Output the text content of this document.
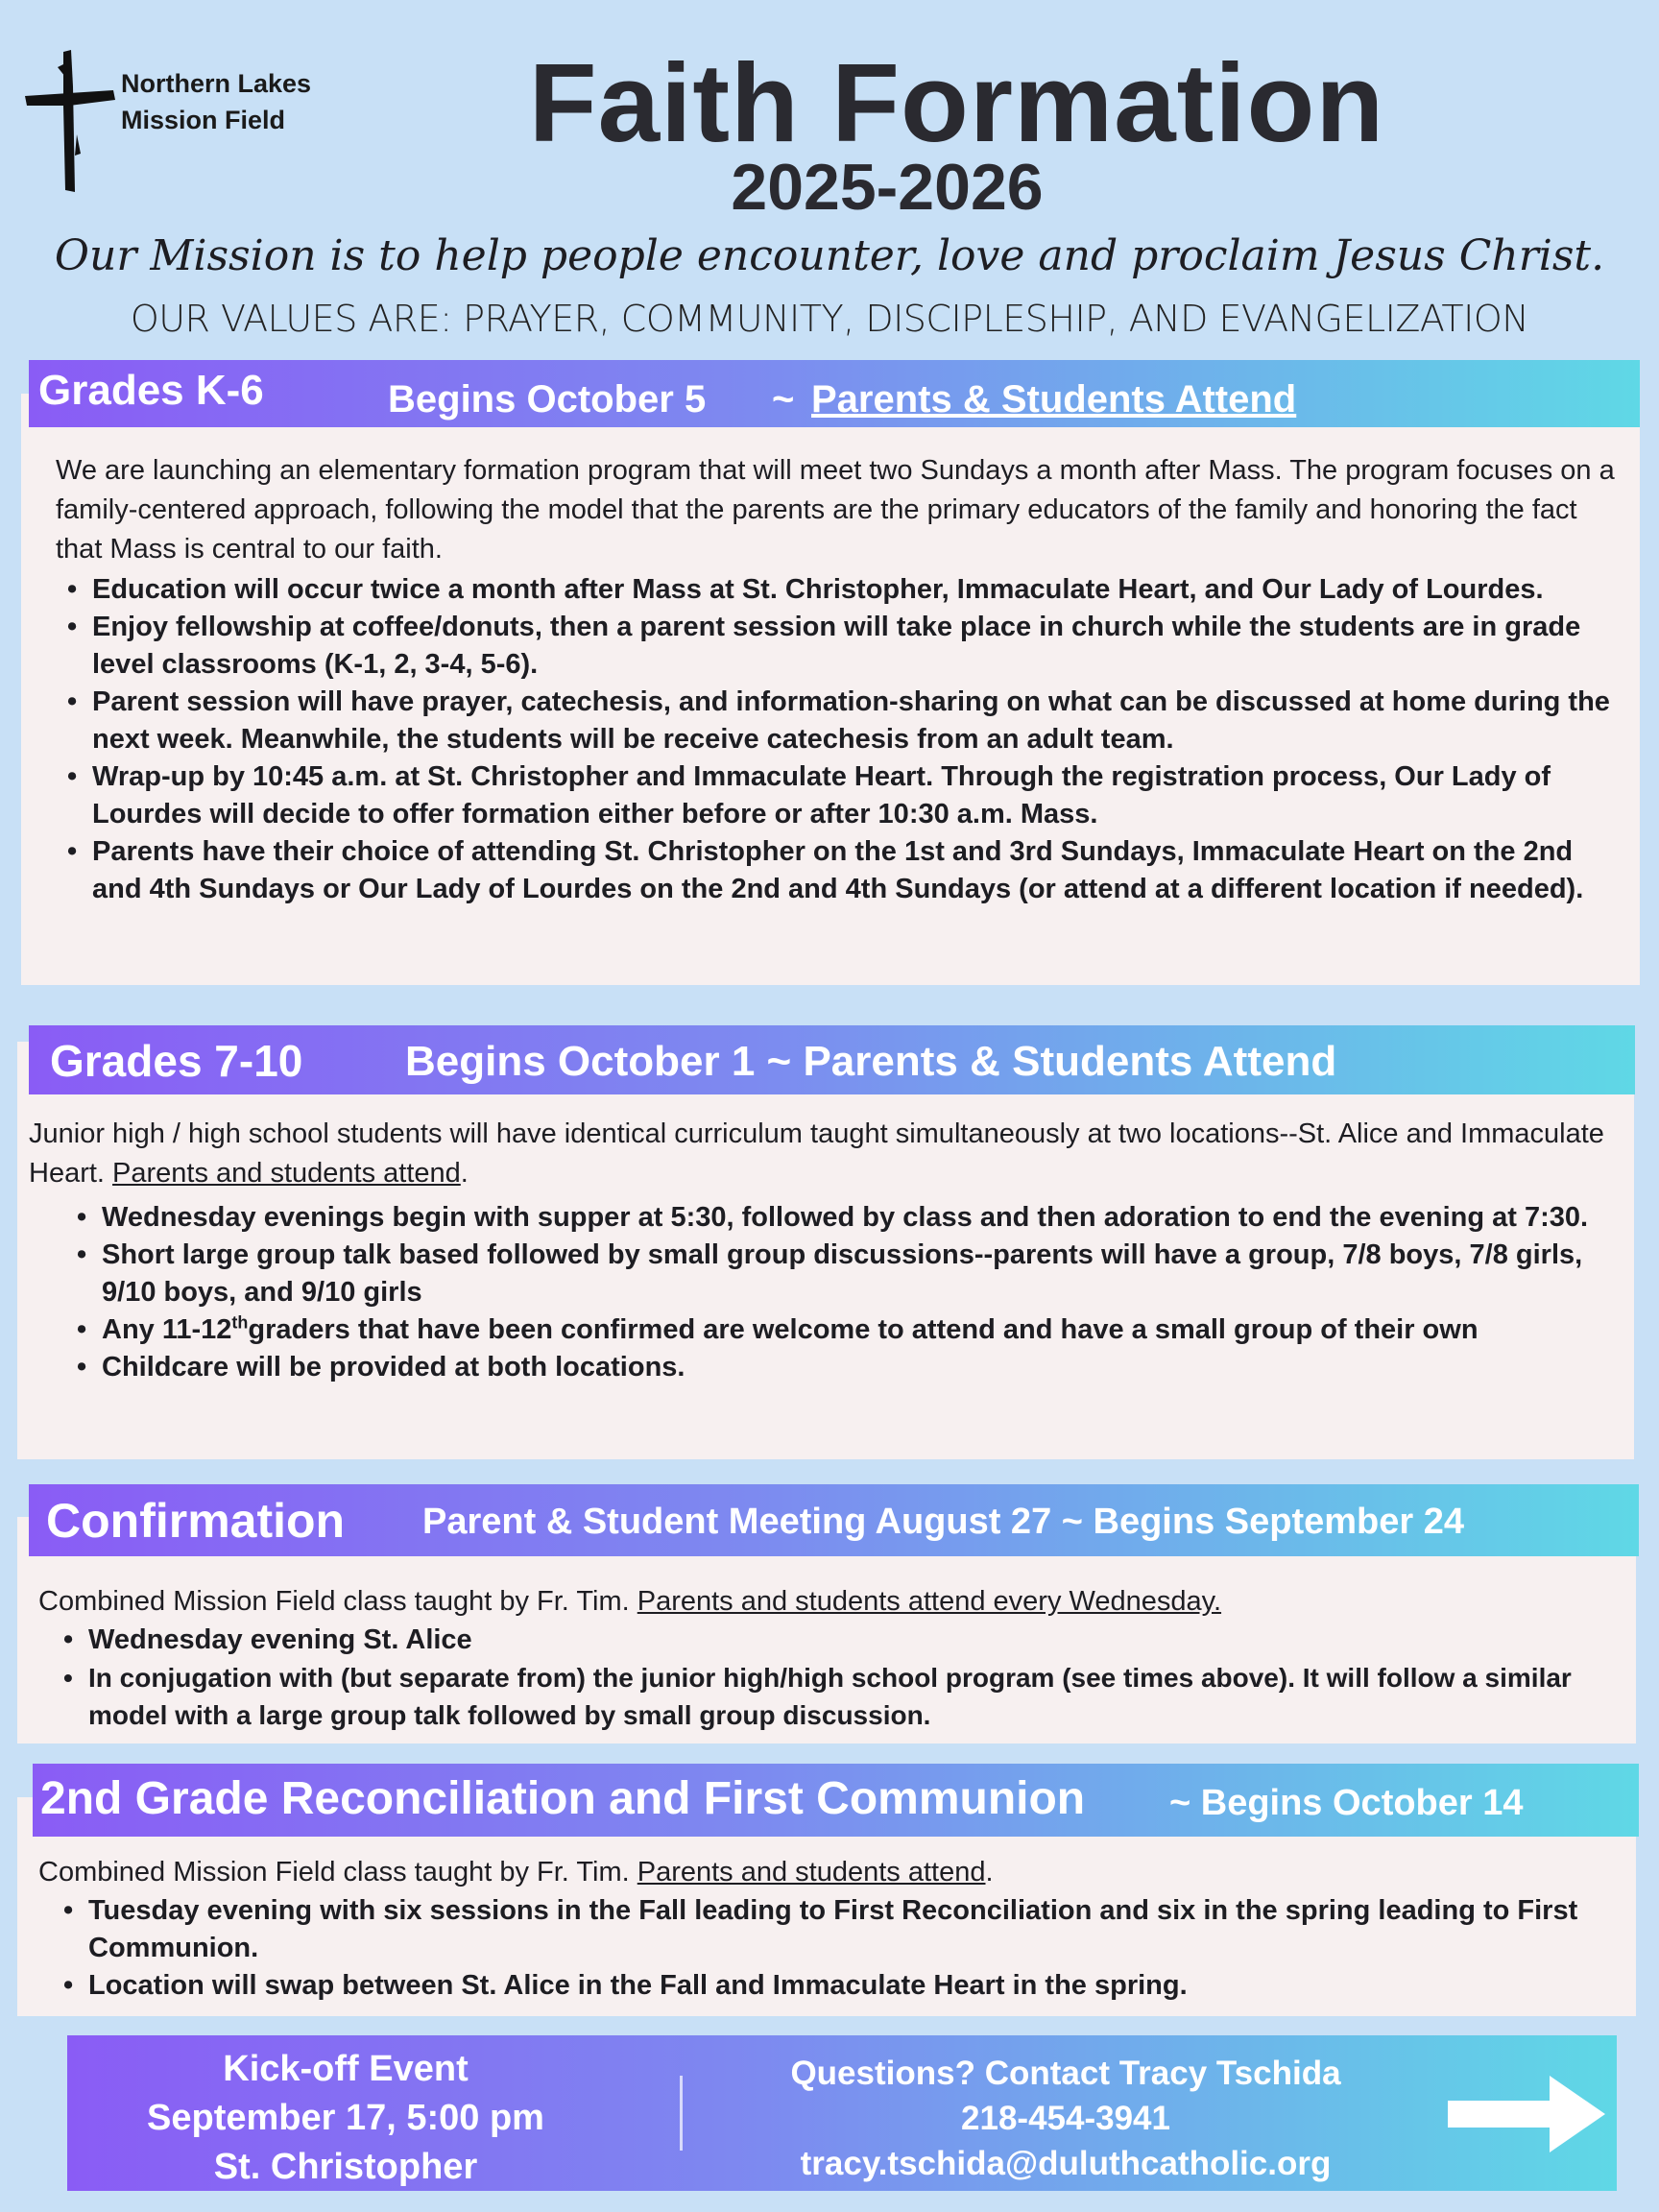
Northern Lakes
Mission Field	Faith Formation
2025-2026
Our Mission is to help people encounter, love and proclaim Jesus Christ.
OUR VALUES ARE: PRAYER, COMMUNITY, DISCIPLESHIP, AND EVANGELIZATION
Grades K-6	Begins October 5 ~ Parents & Students Attend

We are launching an elementary formation program that will meet two Sundays a month after Mass. The program focuses on a family-centered approach, following the model that the parents are the primary educators of the family and honoring the fact that Mass is central to our faith.

• Education will occur twice a month after Mass at St. Christopher, Immaculate Heart, and Our Lady of Lourdes.
• Enjoy fellowship at coffee/donuts, then a parent session will take place in church while the students are in grade level classrooms (K-1, 2, 3-4, 5-6).
• Parent session will have prayer, catechesis, and information-sharing on what can be discussed at home during the next week. Meanwhile, the students will be receive catechesis from an adult team.
• Wrap-up by 10:45 a.m. at St. Christopher and Immaculate Heart. Through the registration process, Our Lady of Lourdes will decide to offer formation either before or after 10:30 a.m. Mass.
• Parents have their choice of attending St. Christopher on the 1st and 3rd Sundays, Immaculate Heart on the 2nd and 4th Sundays or Our Lady of Lourdes on the 2nd and 4th Sundays (or attend at a different location if needed).
Grades 7-10 Begins October 1 ~ Parents & Students Attend

Junior high / high school students will have identical curriculum taught simultaneously at two locations--St. Alice and Immaculate Heart. Parents and students attend.

• Wednesday evenings begin with supper at 5:30, followed by class and then adoration to end the evening at 7:30.
• Short large group talk based followed by small group discussions--parents will have a group, 7/8 boys, 7/8 girls, 9/10 boys, and 9/10 girls
• Any 11-12thgraders that have been confirmed are welcome to attend and have a small group of their own
• Childcare will be provided at both locations.
Confirmation Parent & Student Meeting August 27 ~ Begins September 24

Combined Mission Field class taught by Fr. Tim. Parents and students attend every Wednesday.

• Wednesday evening St. Alice
• In conjugation with (but separate from) the junior high/high school program (see times above). It will follow a similar model with a large group talk followed by small group discussion.
2nd Grade Reconciliation and First Communion ~ Begins October 14

Combined Mission Field class taught by Fr. Tim. Parents and students attend.

• Tuesday evening with six sessions in the Fall leading to First Reconciliation and six in the spring leading to First Communion.
• Location will swap between St. Alice in the Fall and Immaculate Heart in the spring.
Kick-off Event
September 17, 5:00 pm
St. Christopher
Questions? Contact Tracy Tschida
218-454-3941
tracy.tschida@duluthcatholic.org
